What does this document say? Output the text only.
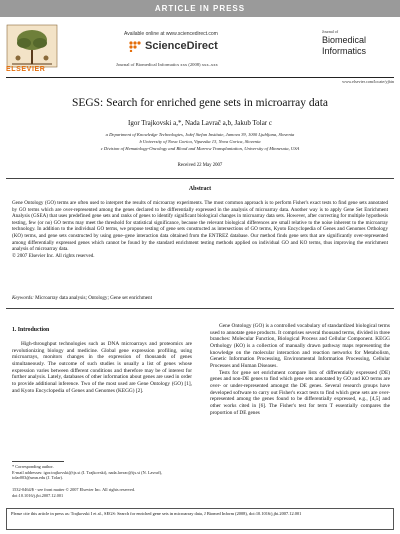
ARTICLE IN PRESS
ELSEVIER
Available online at www.sciencedirect.com
ScienceDirect
Journal of Biomedical Informatics xxx (2008) xxx–xxx
Journal of
Biomedical
Informatics
www.elsevier.com/locate/yjbin
SEGS: Search for enriched gene sets in microarray data
Igor Trajkovski a,*, Nada Lavrač a,b, Jakub Tolar c
a Department of Knowledge Technologies, Jožef Stefan Institute, Jamova 39, 1000 Ljubljana, Slovenia
b University of Nova Gorica, Vipavska 13, Nova Gorica, Slovenia
c Division of Hematology-Oncology and Blood and Marrow Transplantation, University of Minnesota, USA
Received 22 May 2007
Abstract
Gene Ontology (GO) terms are often used to interpret the results of microarray experiments. The most common approach is to perform Fisher's exact tests to find gene sets annotated by GO terms which are over-represented among the genes declared to be differentially expressed in the analysis of microarray data. Another way is to apply Gene Set Enrichment Analysis (GSEA) that uses predefined gene sets and ranks of genes to identify significant biological changes in microarray data sets. However, after correcting for multiple hypothesis testing, few (or no) GO terms may meet the threshold for statistical significance, because the relevant biological differences are small relative to the noise inherent to the microarray technology. In addition to the individual GO terms, we propose testing of gene sets constructed as intersections of GO terms, Kyoto Encyclopedia of Genes and Genomes Orthology (KO) terms, and gene sets constructed by using gene–gene interaction data obtained from the ENTREZ database. Our method finds gene sets that are significantly over-represented among differentially expressed genes which cannot be found by the standard enrichment testing methods applied on individual GO and KO terms, thus improving the enrichment analysis of microarray data.
© 2007 Elsevier Inc. All rights reserved.
Keywords: Microarray data analysis; Ontology; Gene set enrichment
1. Introduction

High-throughput technologies such as DNA microarrays and proteomics are revolutionizing biology and medicine. Global gene expression profiling, using microarrays, monitors changes in the expression of thousands of genes simultaneously. The outcome of such studies is usually a list of genes whose expression varies between different conditions and therefore may be of interest for further analysis. Lately, databases of other information about genes are used in order to provide additional inference. Two of the most used are Gene Ontology (GO) [1], and Kyoto Encyclopedia of Genes and Genomes (KEGG) [2].

Gene Ontology (GO) is a controlled vocabulary of standardized biological terms used to annotate gene products. It comprises several thousand terms, divided in three branches: Molecular Function, Biological Process and Cellular Component. KEGG Orthology (KO) is a collection of manually drawn pathway maps representing the knowledge on the molecular interaction and reaction networks for Metabolism, Genetic Information Processing, Environmental Information Processing, Cellular Processes and Human Diseases.

Tests for gene set enrichment compare lists of differentially expressed (DE) genes and non-DE genes to find which gene sets annotated by GO and KO terms are over- or under-represented amongst the DE genes. Several research groups have developed software to carry out Fisher's exact tests to find which gene sets are over-represented among the genes found to be differentially expressed, e.g., [4,5] and other works cited in [6]. The Fisher's test for term T essentially compares the proportion of DE genes

* Corresponding author.
E-mail addresses: igor.trajkovski@ijs.si (I. Trajkovski), nada.lavrac@ijs.si (N. Lavrač), tolar003@umn.edu (J. Tolar).
1532-0464/$ - see front matter © 2007 Elsevier Inc. All rights reserved.
doi:10.1016/j.jbi.2007.12.001
Please cite this article in press as: Trajkovski I et al., SEGS: Search for enriched gene sets in microarray data, J Biomed Inform (2008), doi:10.1016/j.jbi.2007.12.001
